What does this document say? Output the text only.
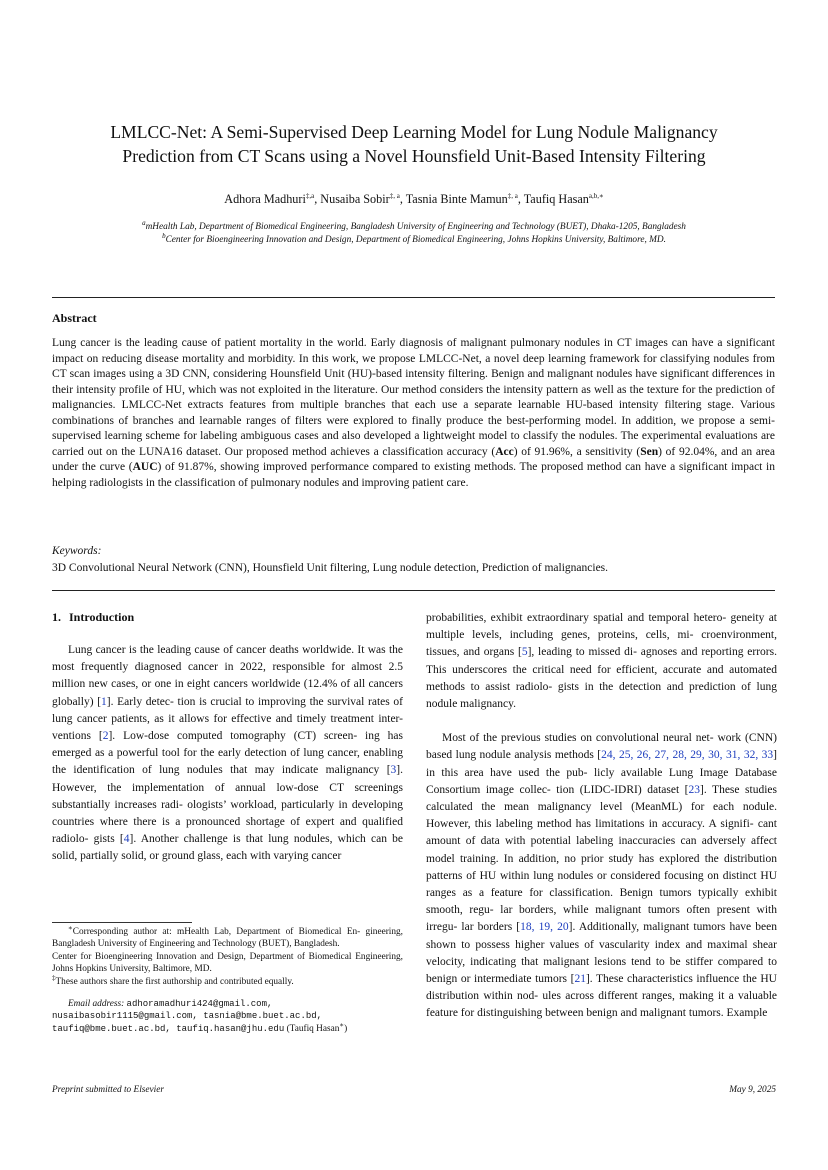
LMLCC-Net: A Semi-Supervised Deep Learning Model for Lung Nodule Malignancy
Prediction from CT Scans using a Novel Hounsfield Unit-Based Intensity Filtering
Adhora Madhuri$^{\ddagger,a}$, Nusaiba Sobir$^{\ddagger, a}$, Tasnia Binte Mamun$^{\ddagger, a}$, Taufiq Hasan$^{a,b,∗}$
$^a$mHealth Lab, Department of Biomedical Engineering, Bangladesh University of Engineering and Technology (BUET), Dhaka-1205, Bangladesh
$^b$Center for Bioengineering Innovation and Design, Department of Biomedical Engineering, Johns Hopkins University, Baltimore, MD.
Abstract
Lung cancer is the leading cause of patient mortality in the world. Early diagnosis of malignant pulmonary nodules in CT images can have a significant impact on reducing disease mortality and morbidity. In this work, we propose LMLCC-Net, a novel deep learning framework for classifying nodules from CT scan images using a 3D CNN, considering Hounsfield Unit (HU)-based intensity filtering. Benign and malignant nodules have significant differences in their intensity profile of HU, which was not exploited in the literature. Our method considers the intensity pattern as well as the texture for the prediction of malignancies. LMLCC-Net extracts features from multiple branches that each use a separate learnable HU-based intensity filtering stage. Various combinations of branches and learnable ranges of filters were explored to finally produce the best-performing model. In addition, we propose a semi-supervised learning scheme for labeling ambiguous cases and also developed a lightweight model to classify the nodules. The experimental evaluations are carried out on the LUNA16 dataset. Our proposed method achieves a classification accuracy (Acc) of 91.96%, a sensitivity (Sen) of 92.04%, and an area under the curve (AUC) of 91.87%, showing improved performance compared to existing methods. The proposed method can have a significant impact in helping radiologists in the classification of pulmonary nodules and improving patient care.
Keywords:
3D Convolutional Neural Network (CNN), Hounsfield Unit filtering, Lung nodule detection, Prediction of malignancies.
1. Introduction

Lung cancer is the leading cause of cancer deaths worldwide. It was the most frequently diagnosed cancer in 2022, responsible for almost 2.5 million new cases, or one in eight cancers worldwide (12.4% of all cancers globally) [1]. Early detec- tion is crucial to improving the survival rates of lung cancer patients, as it allows for effective and timely treatment inter- ventions [2]. Low-dose computed tomography (CT) screen- ing has emerged as a powerful tool for the early detection of lung cancer, enabling the identification of lung nodules that may indicate malignancy [3]. However, the implementation of annual low-dose CT screenings substantially increases radi- ologists’ workload, particularly in developing countries where there is a pronounced shortage of expert and qualified radiolo- gists [4]. Another challenge is that lung nodules, which can be solid, partially solid, or ground glass, each with varying cancer

probabilities, exhibit extraordinary spatial and temporal hetero- geneity at multiple levels, including genes, proteins, cells, mi- croenvironment, tissues, and organs [5], leading to missed di- agnoses and reporting errors. This underscores the critical need for efficient, accurate and automated methods to assist radiolo- gists in the detection and prediction of lung nodule malignancy.

Most of the previous studies on convolutional neural net- work (CNN) based lung nodule analysis methods [24, 25, 26, 27, 28, 29, 30, 31, 32, 33] in this area have used the pub- licly available Lung Image Database Consortium image collec- tion (LIDC-IDRI) dataset [23]. These studies calculated the mean malignancy level (MeanML) for each nodule. However, this labeling method has limitations in accuracy. A signifi- cant amount of data with potential labeling inaccuracies can adversely affect model training. In addition, no prior study has explored the distribution patterns of HU within lung nodules or considered focusing on distinct HU ranges as a feature for classification. Benign tumors typically exhibit smooth, regu- lar borders, while malignant tumors often present with irregu- lar borders [18, 19, 20]. Additionally, malignant tumors have been shown to possess higher values of vascularity index and maximal shear velocity, indicating that malignant lesions tend to be stiffer compared to benign or intermediate tumors [21]. These characteristics influence the HU distribution within nod- ules across different ranges, making it a valuable feature for distinguishing between benign and malignant tumors. Example

∗Corresponding author at: mHealth Lab, Department of Biomedical En- gineering, Bangladesh University of Engineering and Technology (BUET), Bangladesh.

Center for Bioengineering Innovation and Design, Department of Biomedical Engineering, Johns Hopkins University, Baltimore, MD.

‡These authors share the first authorship and contributed equally.

Email address: adhoramadhuri424@gmail.com,
nusaibasobir1115@gmail.com, tasnia@bme.buet.ac.bd,
taufiq@bme.buet.ac.bd, taufiq.hasan@jhu.edu (Taufiq Hasan∗)

Preprint submitted to Elsevier	May 9, 2025
